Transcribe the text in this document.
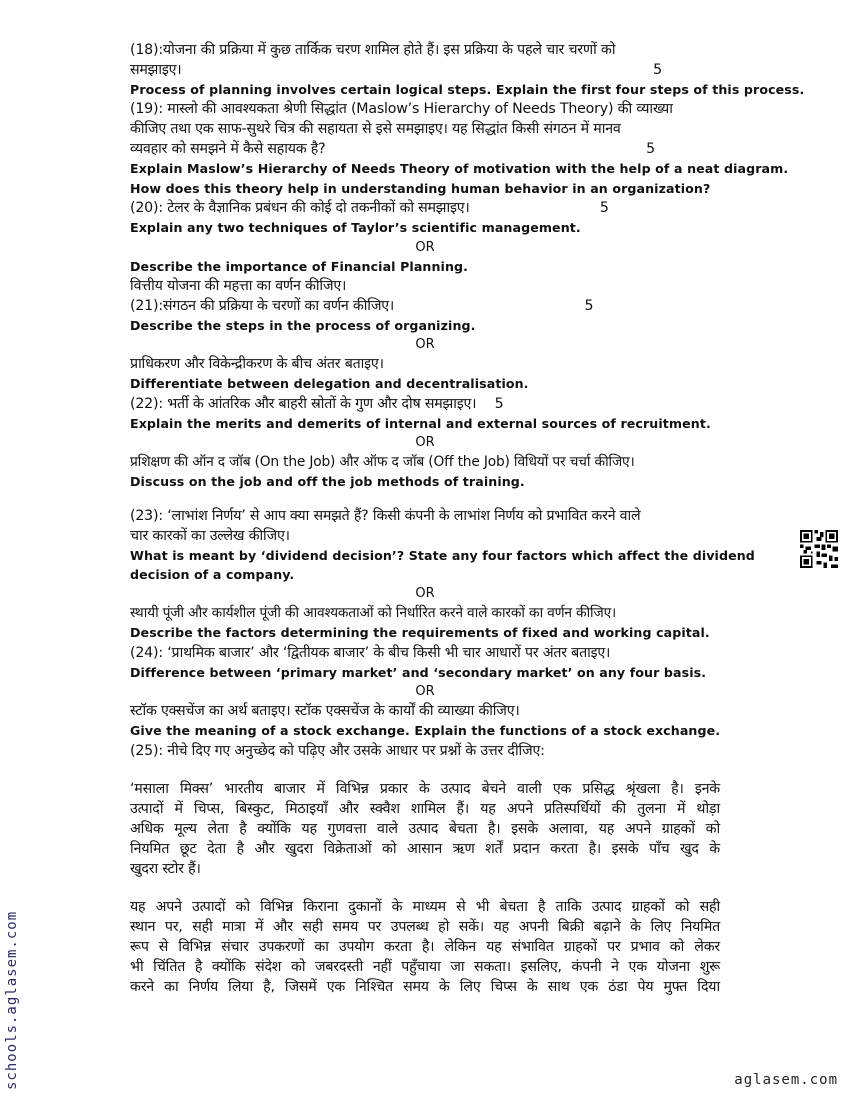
(18):योजना की प्रक्रिया में कुछ तार्किक चरण शामिल होते हैं। इस प्रक्रिया के पहले चार चरणों को
समझाइए।	5
Process of planning involves certain logical steps. Explain the first four steps of this process.
(19): मास्लो की आवश्यकता श्रेणी सिद्धांत (Maslow’s Hierarchy of Needs Theory) की व्याख्या
कीजिए तथा एक साफ-सुथरे चित्र की सहायता से इसे समझाइए। यह सिद्धांत किसी संगठन में मानव
व्यवहार को समझने में कैसे सहायक है?	5
Explain Maslow’s Hierarchy of Needs Theory of motivation with the help of a neat diagram.
How does this theory help in understanding human behavior in an organization?
(20): टेलर के वैज्ञानिक प्रबंधन की कोई दो तकनीकों को समझाइए।	5
Explain any two techniques of Taylor’s scientific management.
OR
Describe the importance of Financial Planning.
वित्तीय योजना की महत्ता का वर्णन कीजिए।
(21):संगठन की प्रक्रिया के चरणों का वर्णन कीजिए।	5
Describe the steps in the process of organizing.
OR
प्राधिकरण और विकेन्द्रीकरण के बीच अंतर बताइए।
Differentiate between delegation and decentralisation.
(22): भर्ती के आंतरिक और बाहरी स्रोतों के गुण और दोष समझाइए। 5
Explain the merits and demerits of internal and external sources of recruitment.
OR
प्रशिक्षण की ऑन द जॉब (On the Job) और ऑफ द जॉब (Off the Job) विधियों पर चर्चा कीजिए।
Discuss on the job and off the job methods of training.
(23): ‘लाभांश निर्णय’ से आप क्या समझते हैं? किसी कंपनी के लाभांश निर्णय को प्रभावित करने वाले
चार कारकों का उल्लेख कीजिए।
What is meant by ‘dividend decision’? State any four factors which affect the dividend
decision of a company.
OR
स्थायी पूंजी और कार्यशील पूंजी की आवश्यकताओं को निर्धारित करने वाले कारकों का वर्णन कीजिए।
Describe the factors determining the requirements of fixed and working capital.
(24): ‘प्राथमिक बाजार’ और ‘द्वितीयक बाजार’ के बीच किसी भी चार आधारों पर अंतर बताइए।
Difference between ‘primary market’ and ‘secondary market’ on any four basis.
OR
स्टॉक एक्सचेंज का अर्थ बताइए। स्टॉक एक्सचेंज के कार्यों की व्याख्या कीजिए।
Give the meaning of a stock exchange. Explain the functions of a stock exchange.
(25): नीचे दिए गए अनुच्छेद को पढ़िए और उसके आधार पर प्रश्नों के उत्तर दीजिए:
‘मसाला मिक्स’ भारतीय बाजार में विभिन्न प्रकार के उत्पाद बेचने वाली एक प्रसिद्ध श्रृंखला है। इनके
उत्पादों में चिप्स, बिस्कुट, मिठाइयाँ और स्क्वैश शामिल हैं। यह अपने प्रतिस्पर्धियों की तुलना में थोड़ा
अधिक मूल्य लेता है क्योंकि यह गुणवत्ता वाले उत्पाद बेचता है। इसके अलावा, यह अपने ग्राहकों को
नियमित छूट देता है और खुदरा विक्रेताओं को आसान ऋण शर्तें प्रदान करता है। इसके पाँच खुद के
खुदरा स्टोर हैं।
यह अपने उत्पादों को विभिन्न किराना दुकानों के माध्यम से भी बेचता है ताकि उत्पाद ग्राहकों को सही
स्थान पर, सही मात्रा में और सही समय पर उपलब्ध हो सकें। यह अपनी बिक्री बढ़ाने के लिए नियमित
रूप से विभिन्न संचार उपकरणों का उपयोग करता है। लेकिन यह संभावित ग्राहकों पर प्रभाव को लेकर
भी चिंतित है क्योंकि संदेश को जबरदस्ती नहीं पहुँचाया जा सकता। इसलिए, कंपनी ने एक योजना शुरू
करने का निर्णय लिया है, जिसमें एक निश्चित समय के लिए चिप्स के साथ एक ठंडा पेय मुफ्त दिया
schools.aglasem.com	aglasem.com
